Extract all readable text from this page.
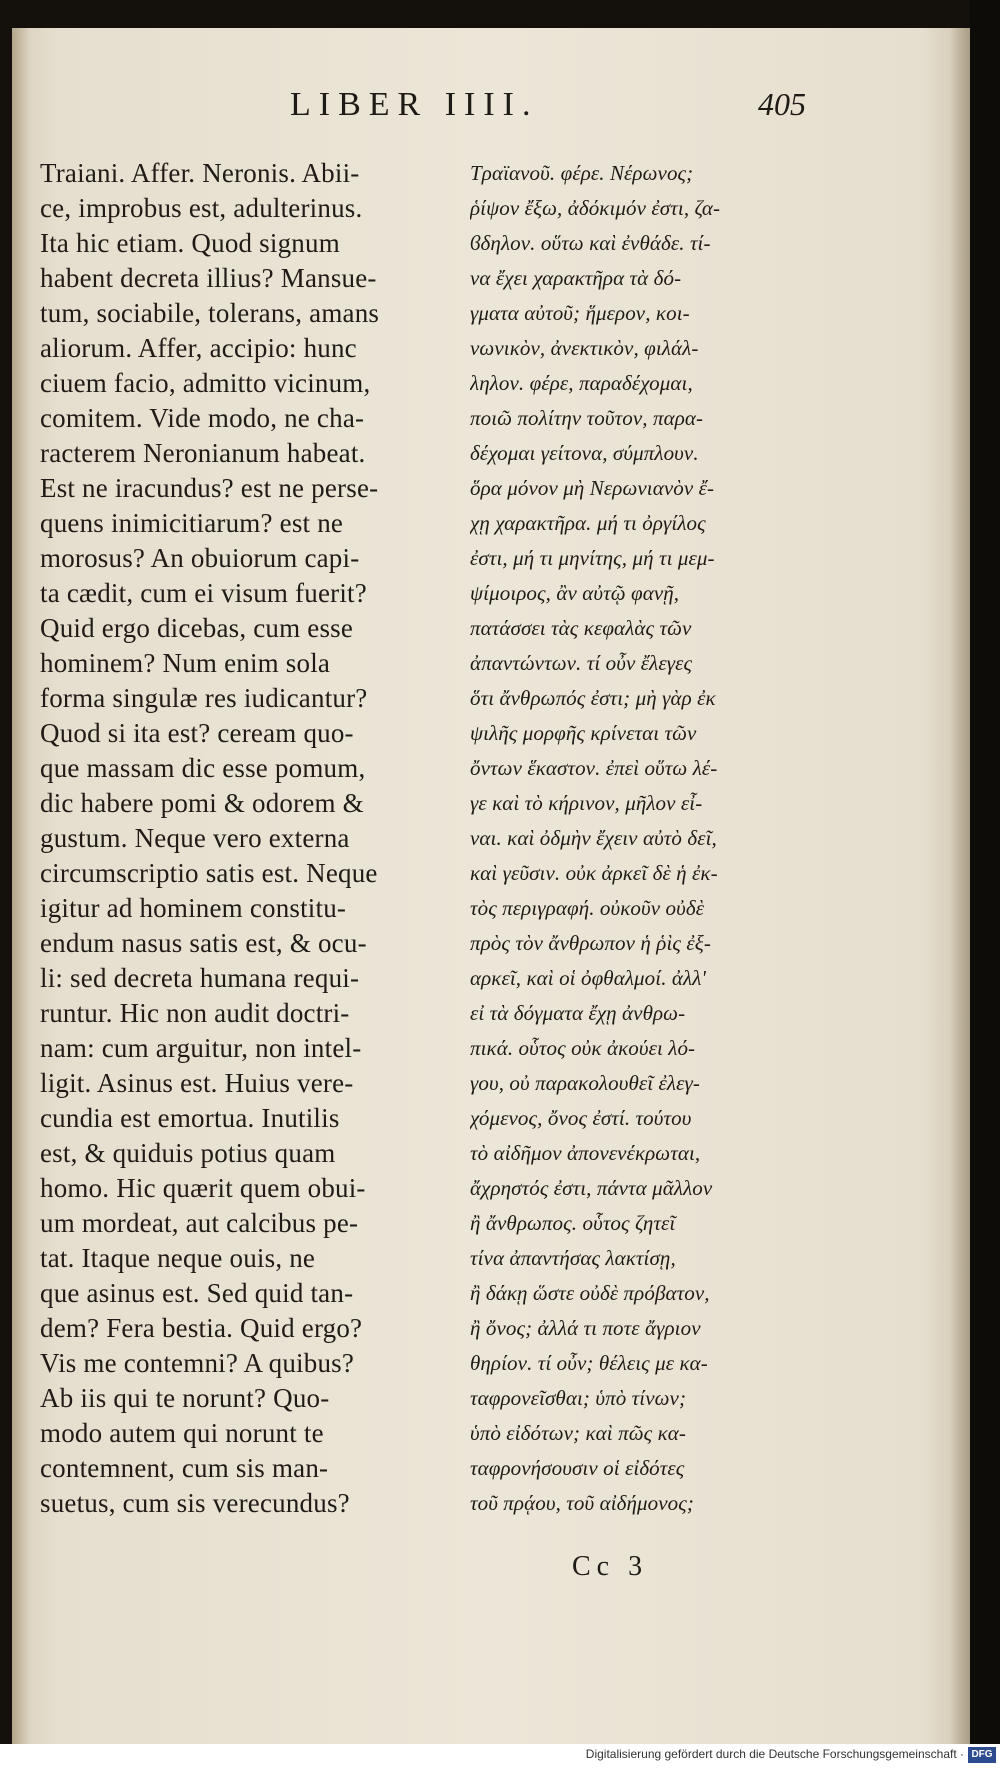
LIBER IIII.	405
Traiani. Affer. Neronis. Abii-
ce, improbus est, adulterinus.
Ita hic etiam. Quod signum
habent decreta illius? Mansue-
tum, sociabile, tolerans, amans
aliorum. Affer, accipio: hunc
ciuem facio, admitto vicinum,
comitem. Vide modo, ne cha-
racterem Neronianum habeat.
Est ne iracundus? est ne perse-
quens inimicitiarum? est ne
morosus? An obuiorum capi-
ta cædit, cum ei visum fuerit?
Quid ergo dicebas, cum esse
hominem? Num enim sola
forma singulæ res iudicantur?
Quod si ita est? ceream quo-
que massam dic esse pomum,
dic habere pomi & odorem &
gustum. Neque vero externa
circumscriptio satis est. Neque
igitur ad hominem constitu-
endum nasus satis est, & ocu-
li: sed decreta humana requi-
runtur. Hic non audit doctri-
nam: cum arguitur, non intel-
ligit. Asinus est. Huius vere-
cundia est emortua. Inutilis
est, & quiduis potius quam
homo. Hic quærit quem obui-
um mordeat, aut calcibus pe-
tat. Itaque neque ouis, ne
que asinus est. Sed quid tan-
dem? Fera bestia. Quid ergo?
Vis me contemni? A quibus?
Ab iis qui te norunt? Quo-
modo autem qui norunt te
contemnent, cum sis man-
suetus, cum sis verecundus?
Τραϊανοῦ. φέρε. Νέρωνος;
ῥίψον ἔξω, ἀδόκιμόν ἐστι, ζα-
ϐδηλον. οὕτω καὶ ἐνθάδε. τί-
να ἔχει χαρακτῆρα τὰ δό-
γματα αὐτοῦ; ἥμερον, κοι-
νωνικὸν, ἀνεκτικὸν, φιλάλ-
ληλον. φέρε, παραδέχομαι,
ποιῶ πολίτην τοῦτον, παρα-
δέχομαι γείτονα, σύμπλουν.
ὅρα μόνον μὴ Νερωνιανὸν ἔ-
χῃ χαρακτῆρα. μή τι ὀργίλος
ἐστι, μή τι μηνίτης, μή τι μεμ-
ψίμοιρος, ἂν αὐτῷ φανῇ,
πατάσσει τὰς κεφαλὰς τῶν
ἀπαντώντων. τί οὖν ἔλεγες
ὅτι ἄνθρωπός ἐστι; μὴ γὰρ ἐκ
ψιλῆς μορφῆς κρίνεται τῶν
ὄντων ἕκαστον. ἐπεὶ οὕτω λέ-
γε καὶ τὸ κήρινον, μῆλον εἶ-
ναι. καὶ ὀδμὴν ἔχειν αὐτὸ δεῖ,
καὶ γεῦσιν. οὐκ ἀρκεῖ δὲ ἡ ἐκ-
τὸς περιγραφή. οὐκοῦν οὐδὲ
πρὸς τὸν ἄνθρωπον ἡ ῥὶς ἐξ-
αρκεῖ, καὶ οἱ ὀφθαλμοί. ἀλλ'
εἰ τὰ δόγματα ἔχῃ ἀνθρω-
πικά. οὗτος οὐκ ἀκούει λό-
γου, οὐ παρακολουθεῖ ἐλεγ-
χόμενος, ὄνος ἐστί. τούτου
τὸ αἰδῆμον ἀπονενέκρωται,
ἄχρηστός ἐστι, πάντα μᾶλλον
ἢ ἄνθρωπος. οὗτος ζητεῖ
τίνα ἀπαντήσας λακτίσῃ,
ἢ δάκῃ ὥστε οὐδὲ πρόβατον,
ἢ ὄνος; ἀλλά τι ποτε ἄγριον
θηρίον. τί οὖν; θέλεις με κα-
ταφρονεῖσθαι; ὑπὸ τίνων;
ὑπὸ εἰδότων; καὶ πῶς κα-
ταφρονήσουσιν οἱ εἰδότες
τοῦ πρᾴου, τοῦ αἰδήμονος;
Cc 3
Digitalisierung gefördert durch die Deutsche Forschungsgemeinschaft · DFG
